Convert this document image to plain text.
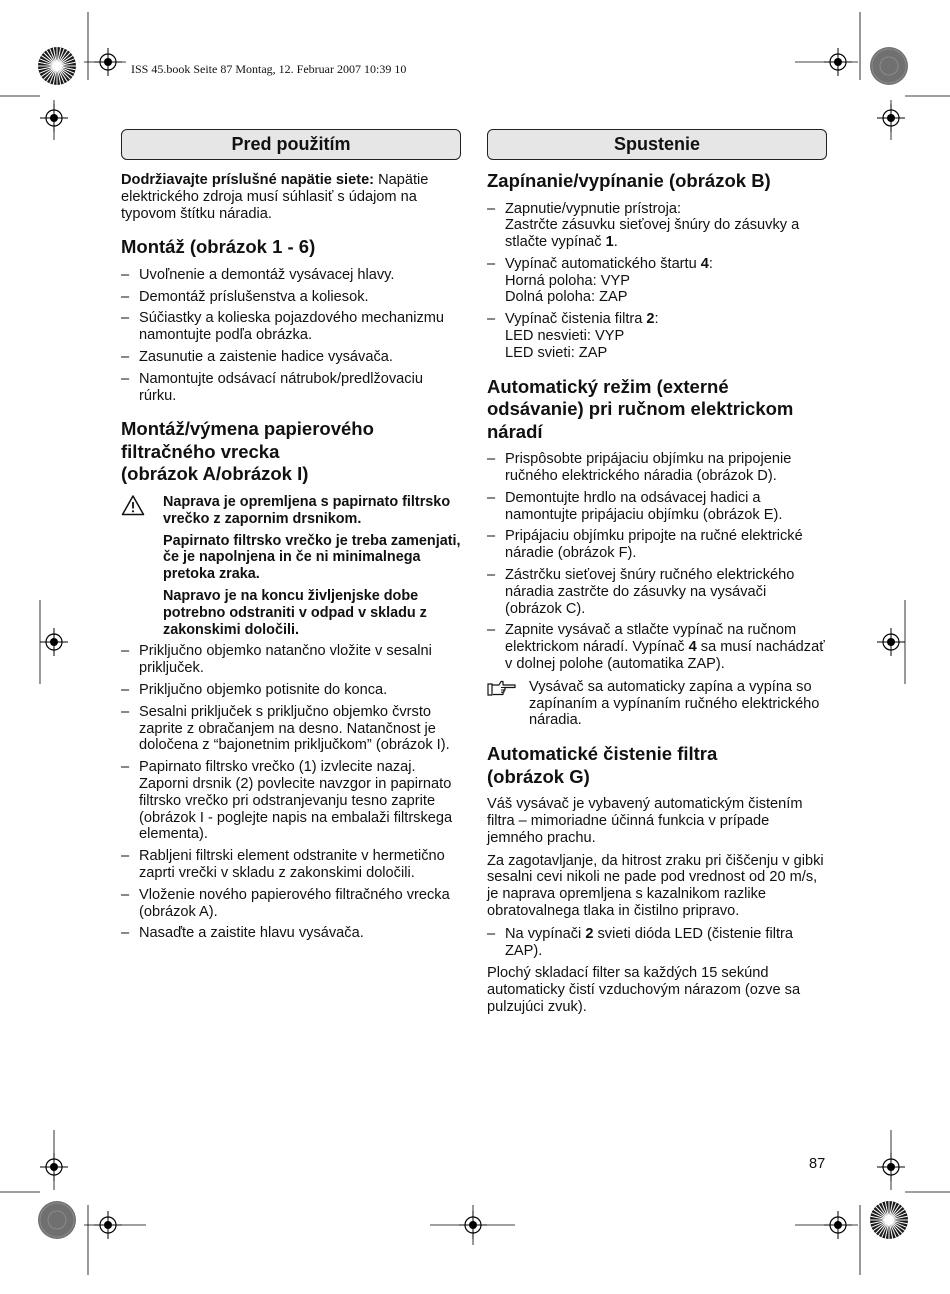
ISS 45.book Seite 87 Montag, 12. Februar 2007 10:39 10
Pred použitím

Dodržiavajte príslušné napätie siete: Napätie elektrického zdroja musí súhlasiť s údajom na typovom štítku náradia.

Montáž (obrázok 1 - 6)
– Uvoľnenie a demontáž vysávacej hlavy.
– Demontáž príslušenstva a koliesok.
– Súčiastky a kolieska pojazdového mechanizmu namontujte podľa obrázka.
– Zasunutie a zaistenie hadice vysávača.
– Namontujte odsávací nátrubok/predlžovaciu rúrku.
Montáž/výmena papierového
filtračného vrecka
(obrázok A/obrázok I)

Naprava je opremljena s papirnato filtrsko vrečko z zapornim drsnikom.

Papirnato filtrsko vrečko je treba zamenjati, če je napolnjena in če ni minimalnega pretoka zraka.

Napravo je na koncu življenjske dobe potrebno odstraniti v odpad v skladu z zakonskimi določili.

– Priključno objemko natančno vložite v sesalni priključek.
– Priključno objemko potisnite do konca.
– Sesalni priključek s priključno objemko čvrsto zaprite z obračanjem na desno. Natančnost je določena z “bajonetnim priključkom” (obrázok I).
– Papirnato filtrsko vrečko (1) izvlecite nazaj. Zaporni drsnik (2) povlecite navzgor in papirnato filtrsko vrečko pri odstranjevanju tesno zaprite (obrázok I - poglejte napis na embalaži filtrskega elementa).
– Rabljeni filtrski element odstranite v hermetično zaprti vrečki v skladu z zakonskimi določili.
– Vloženie nového papierového filtračného vrecka (obrázok A).
– Nasaďte a zaistite hlavu vysávača.
Spustenie
Zapínanie/vypínanie (obrázok B)
– Zapnutie/vypnutie prístroja:
Zastrčte zásuvku sieťovej šnúry do zásuvky a stlačte vypínač 1.
– Vypínač automatického štartu 4:
Horná poloha: VYP
Dolná poloha: ZAP
– Vypínač čistenia filtra 2:
LED nesvieti: VYP
LED svieti: ZAP
Automatický režim (externé
odsávanie) pri ručnom elektrickom
náradí
– Prispôsobte pripájaciu objímku na pripojenie ručného elektrického náradia (obrázok D).
– Demontujte hrdlo na odsávacej hadici a namontujte pripájaciu objímku (obrázok E).
– Pripájaciu objímku pripojte na ručné elektrické náradie (obrázok F).
– Zástrčku sieťovej šnúry ručného elektrického náradia zastrčte do zásuvky na vysávači (obrázok C).
– Zapnite vysávač a stlačte vypínač na ručnom elektrickom náradí. Vypínač 4 sa musí nachádzať v dolnej polohe (automatika ZAP).

Vysávač sa automaticky zapína a vypína so zapínaním a vypínaním ručného elektrického náradia.

Automatické čistenie filtra
(obrázok G)

Váš vysávač je vybavený automatickým čistením filtra – mimoriadne účinná funkcia v prípade jemného prachu.

Za zagotavljanje, da hitrost zraku pri čiščenju v gibki sesalni cevi nikoli ne pade pod vrednost od 20 m/s, je naprava opremljena s kazalnikom razlike obratovalnega tlaka in čistilno pripravo.

– Na vypínači 2 svieti dióda LED (čistenie filtra ZAP).

Plochý skladací filter sa každých 15 sekúnd automaticky čistí vzduchovým nárazom (ozve sa pulzujúci zvuk).

87
